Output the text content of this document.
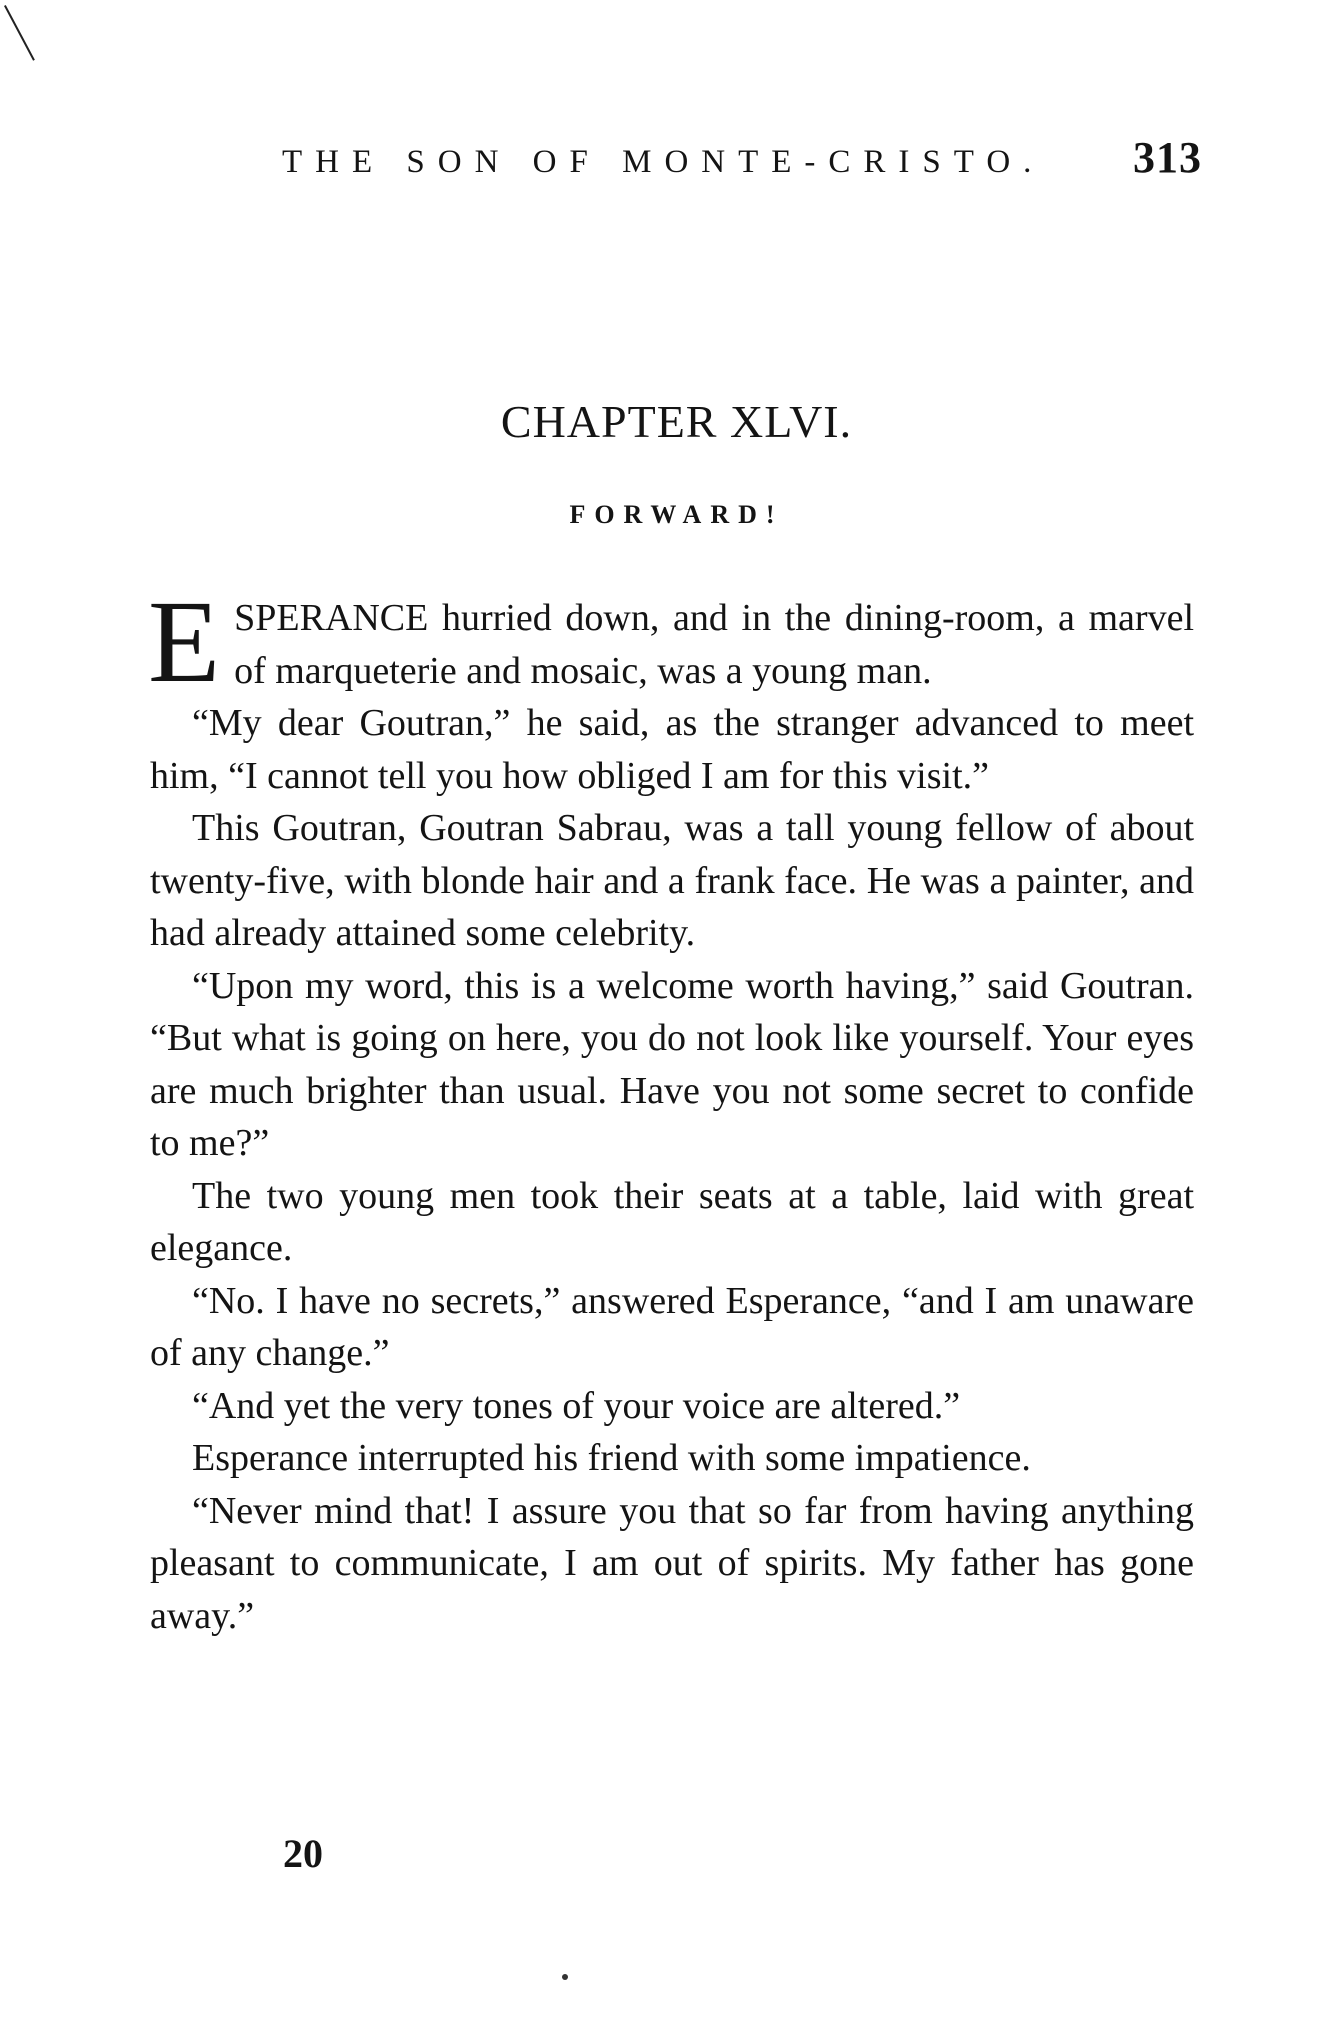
THE SON OF MONTE-CRISTO. 313
CHAPTER XLVI.
FORWARD!

ESPERANCE hurried down, and in the dining-room, a marvel of marqueterie and mosaic, was a young man.

“My dear Goutran,” he said, as the stranger advanced to meet him, “I cannot tell you how obliged I am for this visit.”

This Goutran, Goutran Sabrau, was a tall young fellow of about twenty-five, with blonde hair and a frank face. He was a painter, and had already attained some celebrity.

“Upon my word, this is a welcome worth having,” said Goutran. “But what is going on here, you do not look like yourself. Your eyes are much brighter than usual. Have you not some secret to confide to me?”

The two young men took their seats at a table, laid with great elegance.

“No. I have no secrets,” answered Esperance, “and I am unaware of any change.”

“And yet the very tones of your voice are altered.”

Esperance interrupted his friend with some impatience.

“Never mind that! I assure you that so far from having anything pleasant to communicate, I am out of spirits. My father has gone away.”

20
